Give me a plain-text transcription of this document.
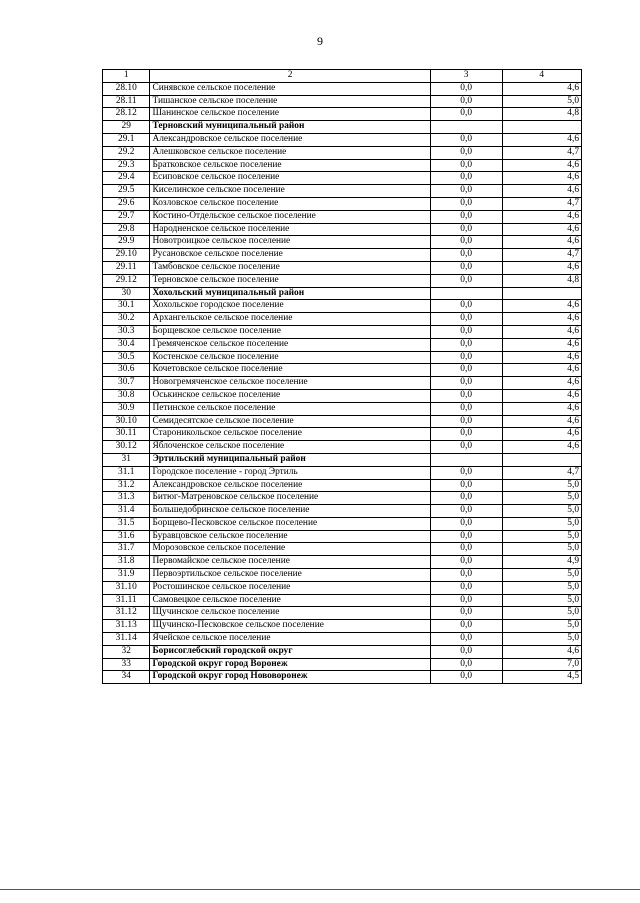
9
1	2	3	4
28.10	Синявское сельское поселение	0,0	4,6
28.11	Тишанское сельское поселение	0,0	5,0
28.12	Шанинское сельское поселение	0,0	4,8
29	Терновский муниципальный район		
29.1	Александровское сельское поселение	0,0	4,6
29.2	Алешковское сельское поселение	0,0	4,7
29.3	Братковское сельское поселение	0,0	4,6
29.4	Есиповское сельское поселение	0,0	4,6
29.5	Киселинское сельское поселение	0,0	4,6
29.6	Козловское сельское поселение	0,0	4,7
29.7	Костино-Отдельское сельское поселение	0,0	4,6
29.8	Народненское сельское поселение	0,0	4,6
29.9	Новотроицкое сельское поселение	0,0	4,6
29.10	Русановское сельское поселение	0,0	4,7
29.11	Тамбовское сельское поселение	0,0	4,6
29.12	Терновское сельское поселение	0,0	4,8
30	Хохольский муниципальный район		
30.1	Хохольское городское поселение	0,0	4,6
30.2	Архангельское сельское поселение	0,0	4,6
30.3	Борщевское сельское поселение	0,0	4,6
30.4	Гремяченское сельское поселение	0,0	4,6
30.5	Костенское сельское поселение	0,0	4,6
30.6	Кочетовское сельское поселение	0,0	4,6
30.7	Новогремяченское сельское поселение	0,0	4,6
30.8	Оськинское сельское поселение	0,0	4,6
30.9	Петинское сельское поселение	0,0	4,6
30.10	Семидесятское сельское поселение	0,0	4,6
30.11	Староникольское сельское поселение	0,0	4,6
30.12	Яблоченское сельское поселение	0,0	4,6
31	Эртильский муниципальный район		
31.1	Городское поселение - город Эртиль	0,0	4,7
31.2	Александровское сельское поселение	0,0	5,0
31.3	Битюг-Матреновское сельское поселение	0,0	5,0
31.4	Большедобринское сельское поселение	0,0	5,0
31.5	Борщево-Песковское сельское поселение	0,0	5,0
31.6	Буравцовское сельское поселение	0,0	5,0
31.7	Морозовское сельское поселение	0,0	5,0
31.8	Первомайское сельское поселение	0,0	4,9
31.9	Первоэртильское сельское поселение	0,0	5,0
31.10	Ростошинское сельское поселение	0,0	5,0
31.11	Самовецкое сельское поселение	0,0	5,0
31.12	Щучинское сельское поселение	0,0	5,0
31.13	Щучинско-Песковское сельское поселение	0,0	5,0
31.14	Ячейское сельское поселение	0,0	5,0
32	Борисоглебский городской округ	0,0	4,6
33	Городской округ город Воронеж	0,0	7,0
34	Городской округ город Нововоронеж	0,0	4,5
